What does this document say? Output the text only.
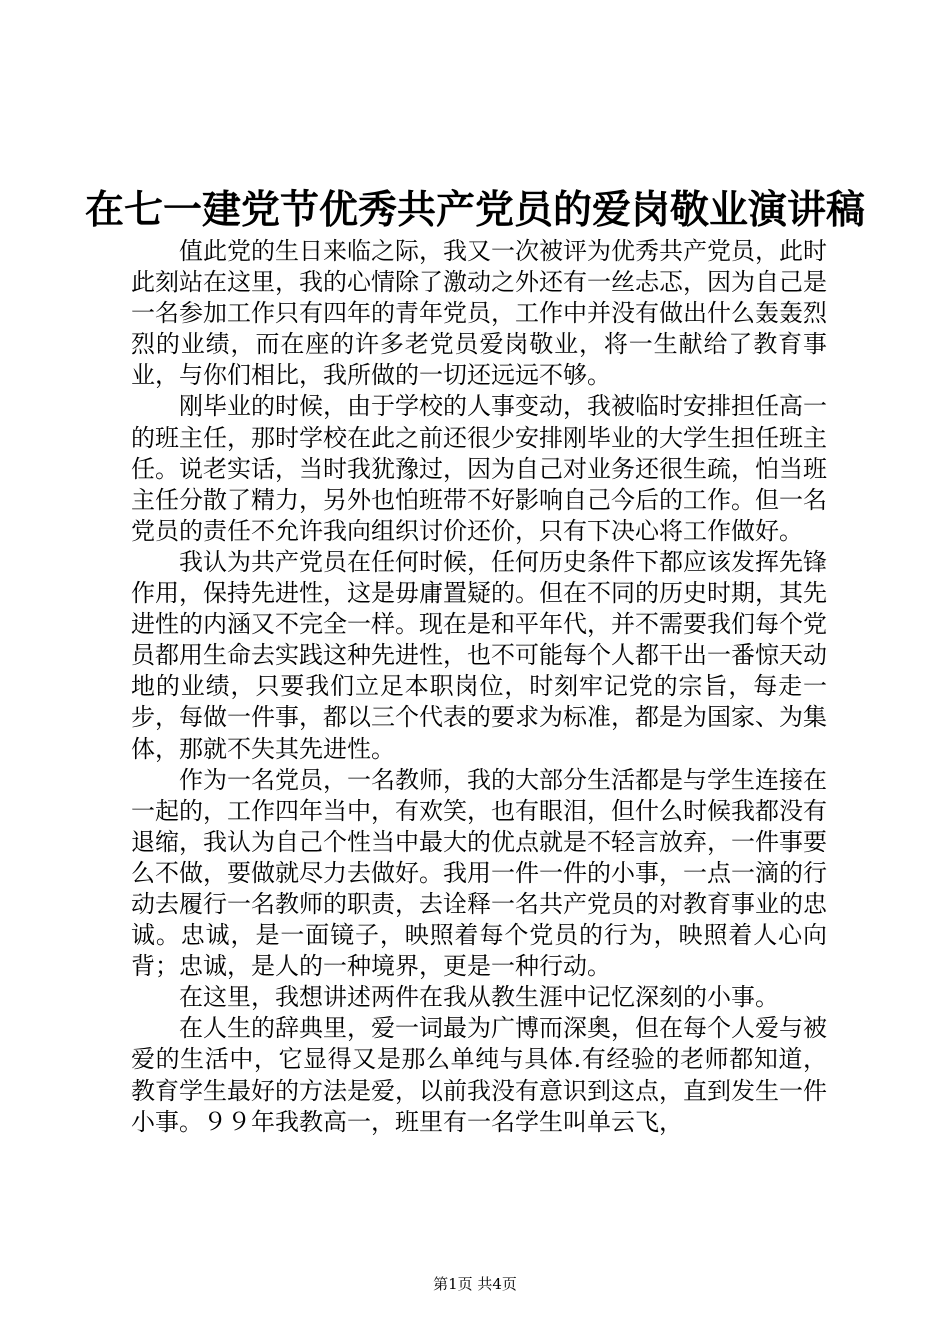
在七一建党节优秀共产党员的爱岗敬业演讲稿

值此党的生日来临之际，我又一次被评为优秀共产党员，此时此刻站在这里，我的心情除了激动之外还有一丝忐忑，因为自己是一名参加工作只有四年的青年党员，工作中并没有做出什么轰轰烈烈的业绩，而在座的许多老党员爱岗敬业，将一生献给了教育事业，与你们相比，我所做的一切还远远不够。

刚毕业的时候，由于学校的人事变动，我被临时安排担任高一的班主任，那时学校在此之前还很少安排刚毕业的大学生担任班主任。说老实话，当时我犹豫过，因为自己对业务还很生疏，怕当班主任分散了精力，另外也怕班带不好影响自己今后的工作。但一名党员的责任不允许我向组织讨价还价，只有下决心将工作做好。

我认为共产党员在任何时候，任何历史条件下都应该发挥先锋作用，保持先进性，这是毋庸置疑的。但在不同的历史时期，其先进性的内涵又不完全一样。现在是和平年代，并不需要我们每个党员都用生命去实践这种先进性，也不可能每个人都干出一番惊天动地的业绩，只要我们立足本职岗位，时刻牢记党的宗旨，每走一步，每做一件事，都以三个代表的要求为标准，都是为国家、为集体，那就不失其先进性。

作为一名党员，一名教师，我的大部分生活都是与学生连接在一起的，工作四年当中，有欢笑，也有眼泪，但什么时候我都没有退缩，我认为自己个性当中最大的优点就是不轻言放弃，一件事要么不做，要做就尽力去做好。我用一件一件的小事，一点一滴的行动去履行一名教师的职责，去诠释一名共产党员的对教育事业的忠诚。忠诚，是一面镜子，映照着每个党员的行为，映照着人心向背；忠诚，是人的一种境界，更是一种行动。

在这里，我想讲述两件在我从教生涯中记忆深刻的小事。

在人生的辞典里，爱一词最为广博而深奥，但在每个人爱与被爱的生活中，它显得又是那么单纯与具体.有经验的老师都知道，教育学生最好的方法是爱，以前我没有意识到这点，直到发生一件小事。９９年我教高一，班里有一名学生叫单云飞，

第1页 共4页
